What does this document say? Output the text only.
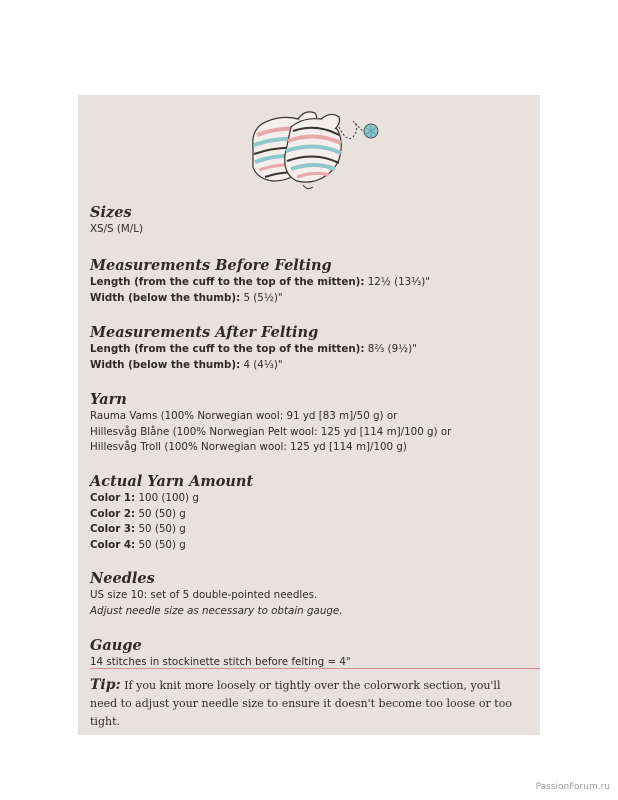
Sizes

XS/S (M/L)

Measurements Before Felting

Length (from the cuff to the top of the mitten): 12½ (13⅓)"

Width (below the thumb): 5 (5½)"

Measurements After Felting

Length (from the cuff to the top of the mitten): 8⅔ (9½)"

Width (below the thumb): 4 (4⅓)"

Yarn

Rauma Vams (100% Norwegian wool: 91 yd [83 m]/50 g) or

Hillesvåg Blåne (100% Norwegian Pelt wool: 125 yd [114 m]/100 g) or

Hillesvåg Troll (100% Norwegian wool: 125 yd [114 m]/100 g)

Actual Yarn Amount

Color 1: 100 (100) g

Color 2: 50 (50) g

Color 3: 50 (50) g

Color 4: 50 (50) g

Needles

US size 10: set of 5 double-pointed needles.

Adjust needle size as necessary to obtain gauge.

Gauge

14 stitches in stockinette stitch before felting = 4"

Tip: If you knit more loosely or tightly over the colorwork section, you'll need to adjust your needle size to ensure it doesn't become too loose or too tight.
PassionForum.ru
